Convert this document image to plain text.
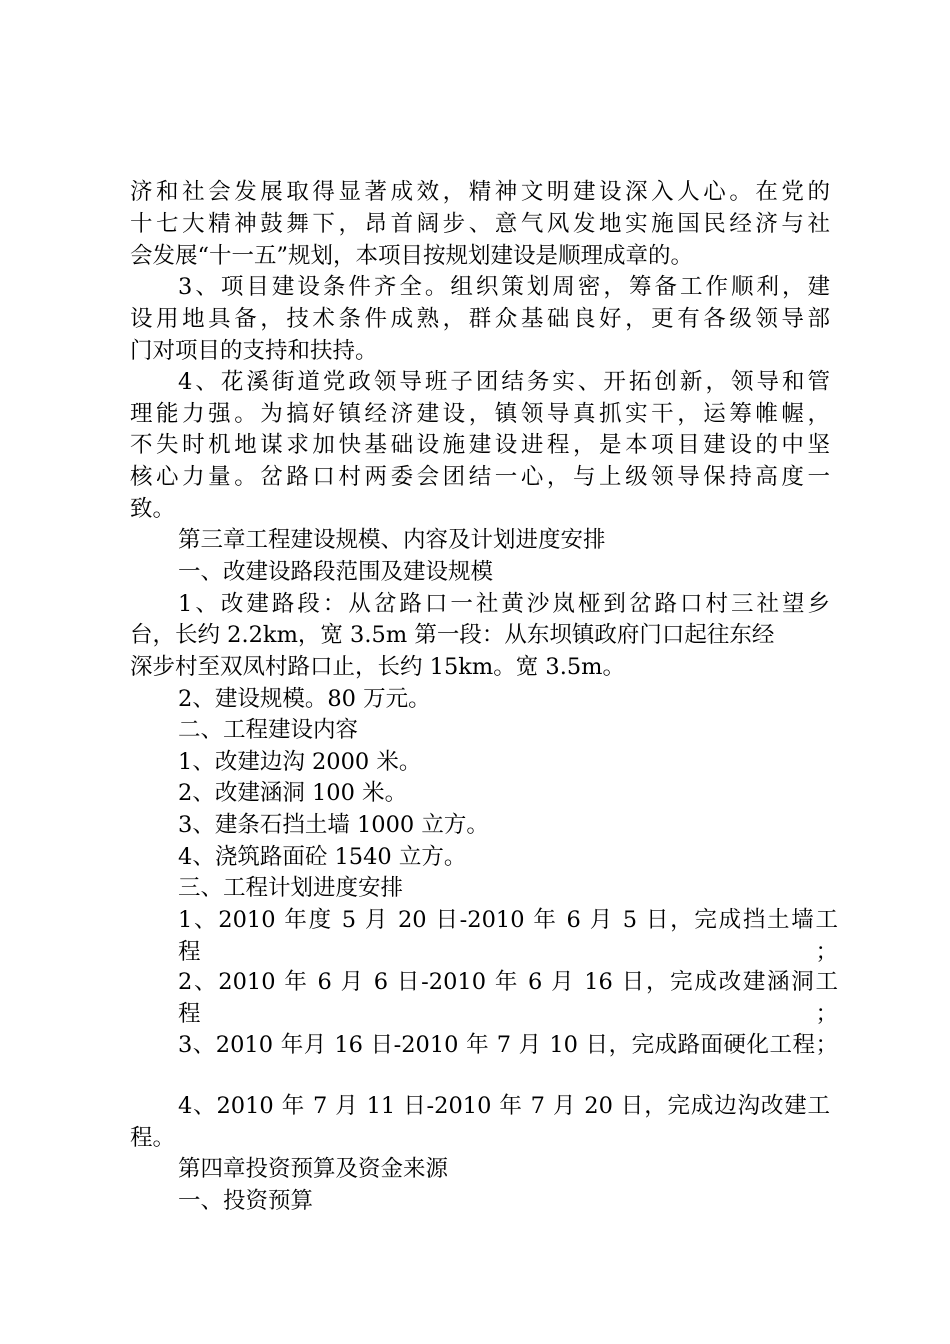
济和社会发展取得显著成效，精神文明建设深入人心。在党的
十七大精神鼓舞下，昂首阔步、意气风发地实施国民经济与社
会发展“十一五”规划，本项目按规划建设是顺理成章的。
3、项目建设条件齐全。组织策划周密，筹备工作顺利，建
设用地具备，技术条件成熟，群众基础良好，更有各级领导部
门对项目的支持和扶持。
4、花溪街道党政领导班子团结务实、开拓创新，领导和管
理能力强。为搞好镇经济建设，镇领导真抓实干，运筹帷幄，
不失时机地谋求加快基础设施建设进程，是本项目建设的中坚
核心力量。岔路口村两委会团结一心，与上级领导保持高度一
致。
第三章工程建设规模、内容及计划进度安排
一、改建设路段范围及建设规模
1、改建路段：从岔路口一社黄沙岚桠到岔路口村三社望乡
台，长约 2.2km，宽 3.5m 第一段：从东坝镇政府门口起往东经
深步村至双凤村路口止，长约 15km。宽 3.5m。
2、建设规模。80 万元。
二、工程建设内容
1、改建边沟 2000 米。
2、改建涵洞 100 米。
3、建条石挡土墙 1000 立方。
4、浇筑路面砼 1540 立方。
三、工程计划进度安排
1、2010 年度 5 月 20 日-2010 年 6 月 5 日，完成挡土墙工程；
2、2010 年 6 月 6 日-2010 年 6 月 16 日，完成改建涵洞工程；
3、2010 年月 16 日-2010 年 7 月 10 日，完成路面硬化工程；
4、2010 年 7 月 11 日-2010 年 7 月 20 日，完成边沟改建工
程。
第四章投资预算及资金来源
一、投资预算
